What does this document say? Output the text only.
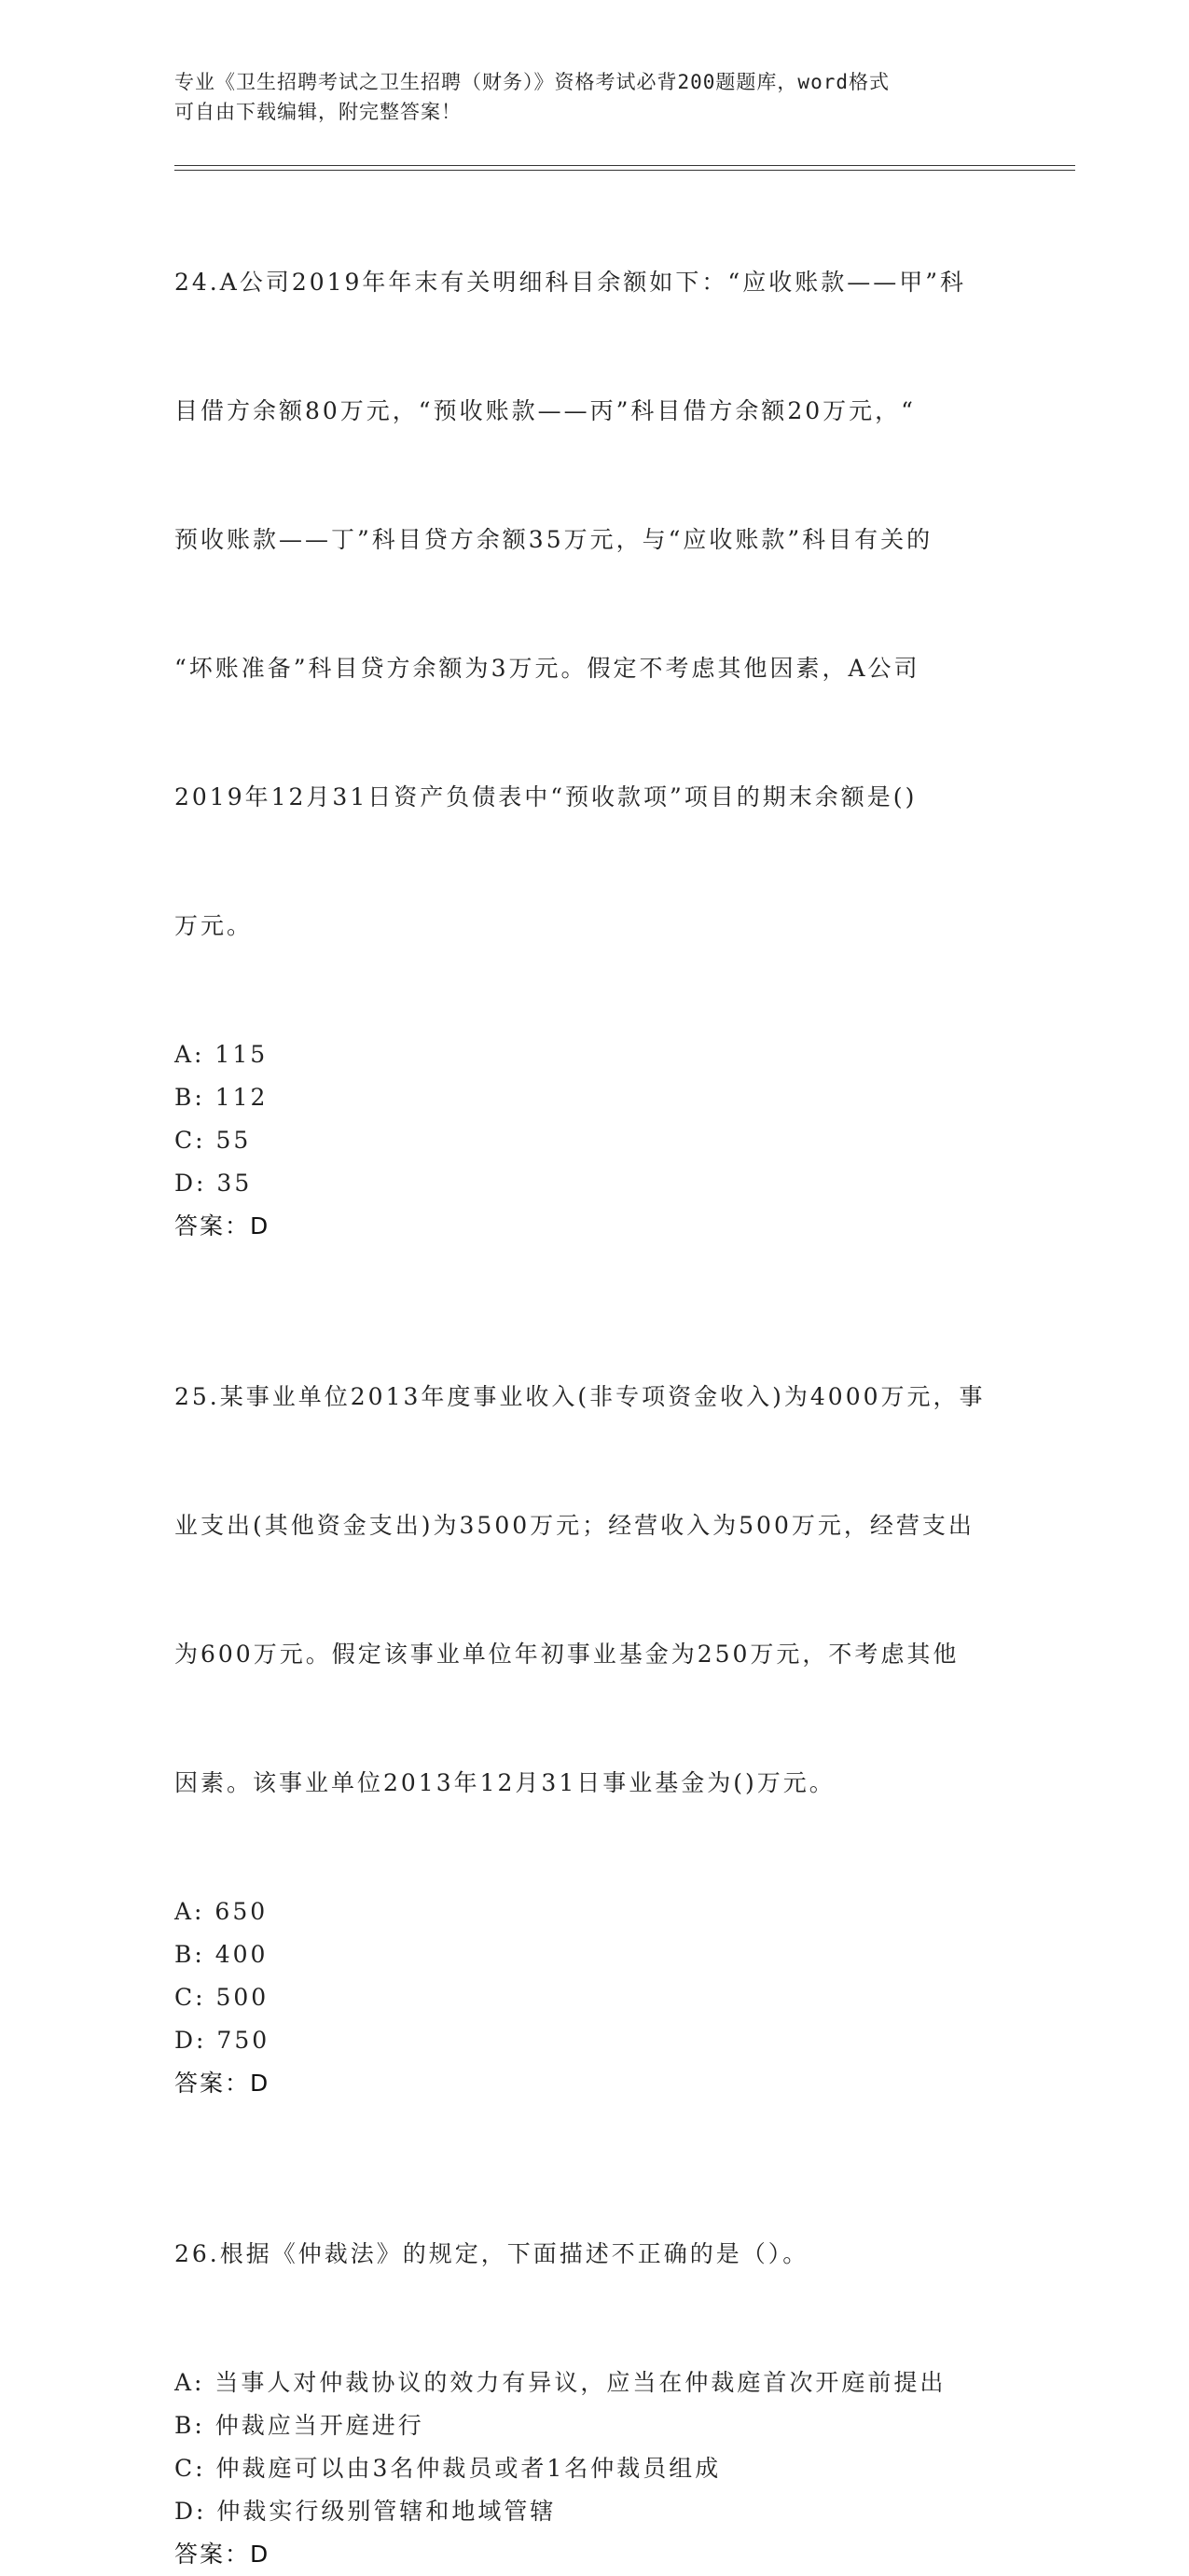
专业《卫生招聘考试之卫生招聘（财务）》资格考试必背200题题库，word格式
可自由下载编辑，附完整答案！

24.A公司2019年年末有关明细科目余额如下：“应收账款——甲”科

目借方余额80万元，“预收账款——丙”科目借方余额20万元，“

预收账款——丁”科目贷方余额35万元，与“应收账款”科目有关的

“坏账准备”科目贷方余额为3万元。假定不考虑其他因素，A公司

2019年12月31日资产负债表中“预收款项”项目的期末余额是()

万元。

A: 115
B: 112
C: 55
D: 35
答案：D

25.某事业单位2013年度事业收入(非专项资金收入)为4000万元，事

业支出(其他资金支出)为3500万元；经营收入为500万元，经营支出

为600万元。假定该事业单位年初事业基金为250万元，不考虑其他

因素。该事业单位2013年12月31日事业基金为()万元。

A: 650
B: 400
C: 500
D: 750
答案：D

26.根据《仲裁法》的规定，下面描述不正确的是（）。

A: 当事人对仲裁协议的效力有异议，应当在仲裁庭首次开庭前提出
B: 仲裁应当开庭进行
C: 仲裁庭可以由3名仲裁员或者1名仲裁员组成
D: 仲裁实行级别管辖和地域管辖
答案：D
